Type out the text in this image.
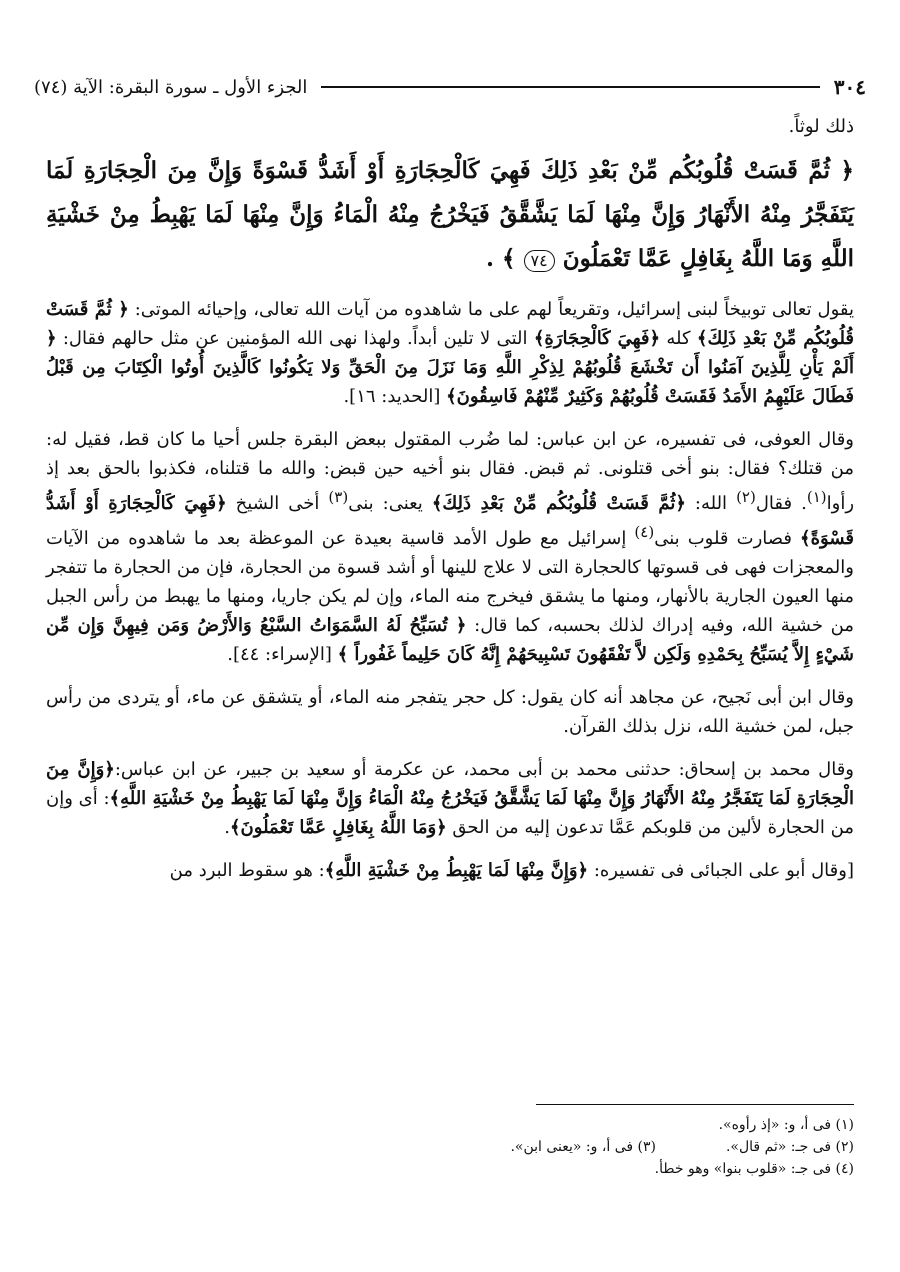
٣٠٤
الجزء الأول ـ سورة البقرة: الآية (٧٤)

ذلك لوثاً.

﴿ ثُمَّ قَسَتْ قُلُوبُكُم مِّنْ بَعْدِ ذَلِكَ فَهِيَ كَالْحِجَارَةِ أَوْ أَشَدُّ قَسْوَةً وَإِنَّ مِنَ الْحِجَارَةِ لَمَا يَتَفَجَّرُ مِنْهُ الأَنْهَارُ وَإِنَّ مِنْهَا لَمَا يَشَّقَّقُ فَيَخْرُجُ مِنْهُ الْمَاءُ وَإِنَّ مِنْهَا لَمَا يَهْبِطُ مِنْ خَشْيَةِ اللَّهِ وَمَا اللَّهُ بِغَافِلٍ عَمَّا تَعْمَلُونَ ٧٤ ﴾ .

يقول تعالى توبيخاً لبنى إسرائيل، وتقريعاً لهم على ما شاهدوه من آيات الله تعالى، وإحيائه الموتى: ﴿ ثُمَّ قَسَتْ قُلُوبُكُم مِّنْ بَعْدِ ذَلِكَ﴾ كله ﴿فَهِيَ كَالْحِجَارَةِ﴾ التى لا تلين أبداً. ولهذا نهى الله المؤمنين عن مثل حالهم فقال: ﴿ أَلَمْ يَأْنِ لِلَّذِينَ آمَنُوا أَن تَخْشَعَ قُلُوبُهُمْ لِذِكْرِ اللَّهِ وَمَا نَزَلَ مِنَ الْحَقِّ وَلا يَكُونُوا كَالَّذِينَ أُوتُوا الْكِتَابَ مِن قَبْلُ فَطَالَ عَلَيْهِمُ الأَمَدُ فَقَسَتْ قُلُوبُهُمْ وَكَثِيرٌ مِّنْهُمْ فَاسِقُونَ﴾ [الحديد: ١٦].

وقال العوفى، فى تفسيره، عن ابن عباس: لما ضُرب المقتول ببعض البقرة جلس أحيا ما كان قط، فقيل له: من قتلك؟ فقال: بنو أخى قتلونى. ثم قبض. فقال بنو أخيه حين قبض: والله ما قتلناه، فكذبوا بالحق بعد إذ رأوا$^{(١)}$. فقال$^{(٢)}$ الله: ﴿ثُمَّ قَسَتْ قُلُوبُكُم مِّنْ بَعْدِ ذَلِكَ﴾ يعنى: بنى$^{(٣)}$ أخى الشيخ ﴿فَهِيَ كَالْحِجَارَةِ أَوْ أَشَدُّ قَسْوَةً﴾ فصارت قلوب بنى$^{(٤)}$ إسرائيل مع طول الأمد قاسية بعيدة عن الموعظة بعد ما شاهدوه من الآيات والمعجزات فهى فى قسوتها كالحجارة التى لا علاج للينها أو أشد قسوة من الحجارة، فإن من الحجارة ما تتفجر منها العيون الجارية بالأنهار، ومنها ما يشقق فيخرج منه الماء، وإن لم يكن جاريا، ومنها ما يهبط من رأس الجبل من خشية الله، وفيه إدراك لذلك بحسبه، كما قال: ﴿ تُسَبِّحُ لَهُ السَّمَوَاتُ السَّبْعُ وَالأَرْضُ وَمَن فِيهِنَّ وَإِن مِّن شَيْءٍ إِلاَّ يُسَبِّحُ بِحَمْدِهِ وَلَكِن لاَّ تَفْقَهُونَ تَسْبِيحَهُمْ إِنَّهُ كَانَ حَلِيماً غَفُوراً ﴾ [الإسراء: ٤٤].

وقال ابن أبى نَجيح، عن مجاهد أنه كان يقول: كل حجر يتفجر منه الماء، أو يتشقق عن ماء، أو يتردى من رأس جبل، لمن خشية الله، نزل بذلك القرآن.

وقال محمد بن إسحاق: حدثنى محمد بن أبى محمد، عن عكرمة أو سعيد بن جبير، عن ابن عباس:﴿وَإِنَّ مِنَ الْحِجَارَةِ لَمَا يَتَفَجَّرُ مِنْهُ الأَنْهَارُ وَإِنَّ مِنْهَا لَمَا يَشَّقَّقُ فَيَخْرُجُ مِنْهُ الْمَاءُ وَإِنَّ مِنْهَا لَمَا يَهْبِطُ مِنْ خَشْيَةِ اللَّهِ﴾: أى وإن من الحجارة لألين من قلوبكم عَمَّا تدعون إليه من الحق ﴿وَمَا اللَّهُ بِغَافِلٍ عَمَّا تَعْمَلُونَ﴾.

[وقال أبو على الجبائى فى تفسيره: ﴿وَإِنَّ مِنْهَا لَمَا يَهْبِطُ مِنْ خَشْيَةِ اللَّهِ﴾: هو سقوط البرد من

(١) فى أ، و: «إذ رأوه».
(٢) فى جـ: «ثم قال».
(٣) فى أ، و: «يعنى ابن».
(٤) فى جـ: «قلوب بنوا» وهو خطأ.
